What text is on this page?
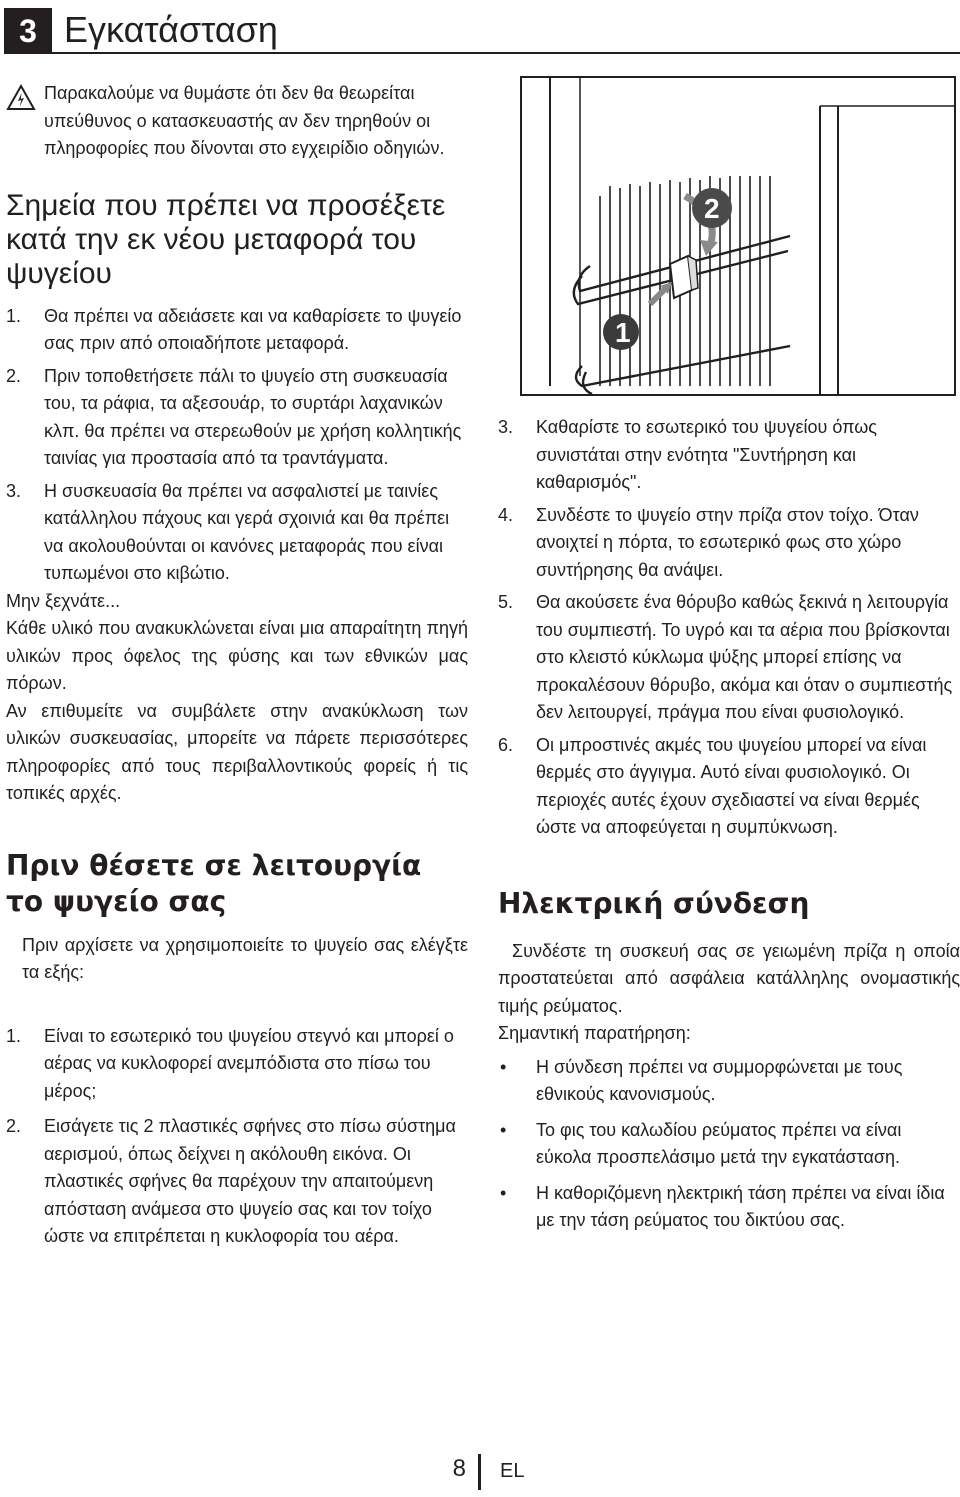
3 Εγκατάσταση

Παρακαλούμε να θυμάστε ότι δεν θα θεωρείται υπεύθυνος ο κατασκευαστής αν δεν τηρηθούν οι πληροφορίες που δίνονται στο εγχειρίδιο οδηγιών.

Σημεία που πρέπει να προσέξετε κατά την εκ νέου μεταφορά του ψυγείου
1. Θα πρέπει να αδειάσετε και να καθαρίσετε το ψυγείο σας πριν από οποιαδήποτε μεταφορά.
2. Πριν τοποθετήσετε πάλι το ψυγείο στη συσκευασία του, τα ράφια, τα αξεσουάρ, το συρτάρι λαχανικών κλπ. θα πρέπει να στερεωθούν με χρήση κολλητικής ταινίας για προστασία από τα τραντάγματα.
3. Η συσκευασία θα πρέπει να ασφαλιστεί με ταινίες κατάλληλου πάχους και γερά σχοινιά και θα πρέπει να ακολουθούνται οι κανόνες μεταφοράς που είναι τυπωμένοι στο κιβώτιο.

Μην ξεχνάτε...

Κάθε υλικό που ανακυκλώνεται είναι μια απαραίτητη πηγή υλικών προς όφελος της φύσης και των εθνικών μας πόρων.

Αν επιθυμείτε να συμβάλετε στην ανακύκλωση των υλικών συσκευασίας, μπορείτε να πάρετε περισσότερες πληροφορίες από τους περιβαλλοντικούς φορείς ή τις τοπικές αρχές.

Πριν θέσετε σε λειτουργία το ψυγείο σας

Πριν αρχίσετε να χρησιμοποιείτε το ψυγείο σας ελέγξτε τα εξής:

1. Είναι το εσωτερικό του ψυγείου στεγνό και μπορεί ο αέρας να κυκλοφορεί ανεμπόδιστα στο πίσω του μέρος;
2. Εισάγετε τις 2 πλαστικές σφήνες στο πίσω σύστημα αερισμού, όπως δείχνει η ακόλουθη εικόνα. Οι πλαστικές σφήνες θα παρέχουν την απαιτούμενη απόσταση ανάμεσα στο ψυγείο σας και τον τοίχο ώστε να επιτρέπεται η κυκλοφορία του αέρα.
1
2
3. Καθαρίστε το εσωτερικό του ψυγείου όπως συνιστάται στην ενότητα "Συντήρηση και καθαρισμός".
4. Συνδέστε το ψυγείο στην πρίζα στον τοίχο. Όταν ανοιχτεί η πόρτα, το εσωτερικό φως στο χώρο συντήρησης θα ανάψει.
5. Θα ακούσετε ένα θόρυβο καθώς ξεκινά η λειτουργία του συμπιεστή. Το υγρό και τα αέρια που βρίσκονται στο κλειστό κύκλωμα ψύξης μπορεί επίσης να προκαλέσουν θόρυβο, ακόμα και όταν ο συμπιεστής δεν λειτουργεί, πράγμα που είναι φυσιολογικό.
6. Οι μπροστινές ακμές του ψυγείου μπορεί να είναι θερμές στο άγγιγμα. Αυτό είναι φυσιολογικό. Οι περιοχές αυτές έχουν σχεδιαστεί να είναι θερμές ώστε να αποφεύγεται η συμπύκνωση.
Ηλεκτρική σύνδεση

Συνδέστε τη συσκευή σας σε γειωμένη πρίζα η οποία προστατεύεται από ασφάλεια κατάλληλης ονομαστικής τιμής ρεύματος.

Σημαντική παρατήρηση:

• Η σύνδεση πρέπει να συμμορφώνεται με τους εθνικούς κανονισμούς.
• Το φις του καλωδίου ρεύματος πρέπει να είναι εύκολα προσπελάσιμο μετά την εγκατάσταση.
• Η καθοριζόμενη ηλεκτρική τάση πρέπει να είναι ίδια με την τάση ρεύματος του δικτύου σας.
8 EL
